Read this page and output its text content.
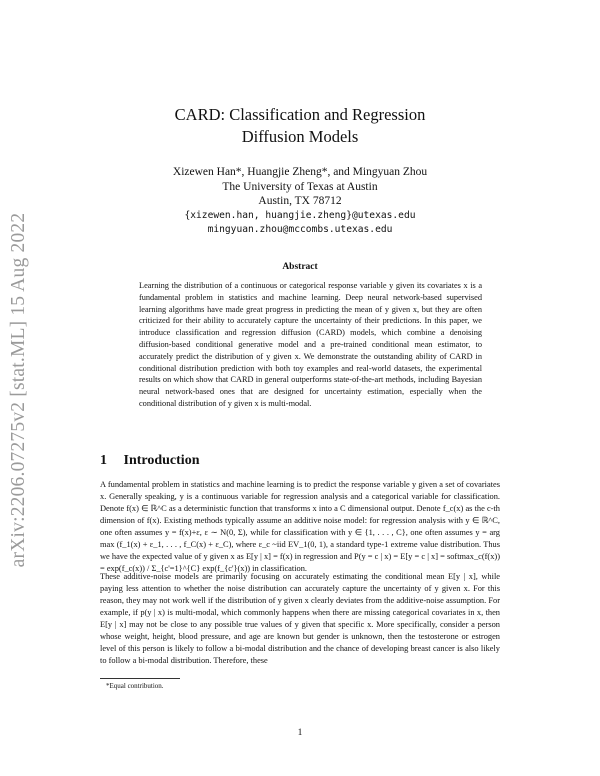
arXiv:2206.07275v2 [stat.ML] 15 Aug 2022
CARD: Classification and Regression
Diffusion Models
Xizewen Han*, Huangjie Zheng*, and Mingyuan Zhou
The University of Texas at Austin
Austin, TX 78712
{xizewen.han, huangjie.zheng}@utexas.edu
mingyuan.zhou@mccombs.utexas.edu
Abstract

Learning the distribution of a continuous or categorical response variable y given its covariates x is a fundamental problem in statistics and machine learning. Deep neural network-based supervised learning algorithms have made great progress in predicting the mean of y given x, but they are often criticized for their ability to accurately capture the uncertainty of their predictions. In this paper, we introduce classification and regression diffusion (CARD) models, which combine a denoising diffusion-based conditional generative model and a pre-trained conditional mean estimator, to accurately predict the distribution of y given x. We demonstrate the outstanding ability of CARD in conditional distribution prediction with both toy examples and real-world datasets, the experimental results on which show that CARD in general outperforms state-of-the-art methods, including Bayesian neural network-based ones that are designed for uncertainty estimation, especially when the conditional distribution of y given x is multi-modal.

1 Introduction

A fundamental problem in statistics and machine learning is to predict the response variable y given a set of covariates x. Generally speaking, y is a continuous variable for regression analysis and a categorical variable for classification. Denote f(x) ∈ ℝ^C as a deterministic function that transforms x into a C dimensional output. Denote f_c(x) as the c-th dimension of f(x). Existing methods typically assume an additive noise model: for regression analysis with y ∈ ℝ^C, one often assumes y = f(x)+ε, ε ∼ N(0, Σ), while for classification with y ∈ {1, . . . , C}, one often assumes y = arg max (f_1(x) + ε_1, . . . , f_C(x) + ε_C), where ε_c ~iid EV_1(0, 1), a standard type-1 extreme value distribution. Thus we have the expected value of y given x as E[y | x] = f(x) in regression and P(y = c | x) = E[y = c | x] = softmax_c(f(x)) = exp(f_c(x)) / Σ_{c'=1}^{C} exp(f_{c'}(x)) in classification.

These additive-noise models are primarily focusing on accurately estimating the conditional mean E[y | x], while paying less attention to whether the noise distribution can accurately capture the uncertainty of y given x. For this reason, they may not work well if the distribution of y given x clearly deviates from the additive-noise assumption. For example, if p(y | x) is multi-modal, which commonly happens when there are missing categorical covariates in x, then E[y | x] may not be close to any possible true values of y given that specific x. More specifically, consider a person whose weight, height, blood pressure, and age are known but gender is unknown, then the testosterone or estrogen level of this person is likely to follow a bi-modal distribution and the chance of developing breast cancer is also likely to follow a bi-modal distribution. Therefore, these

*Equal contribution.
1
